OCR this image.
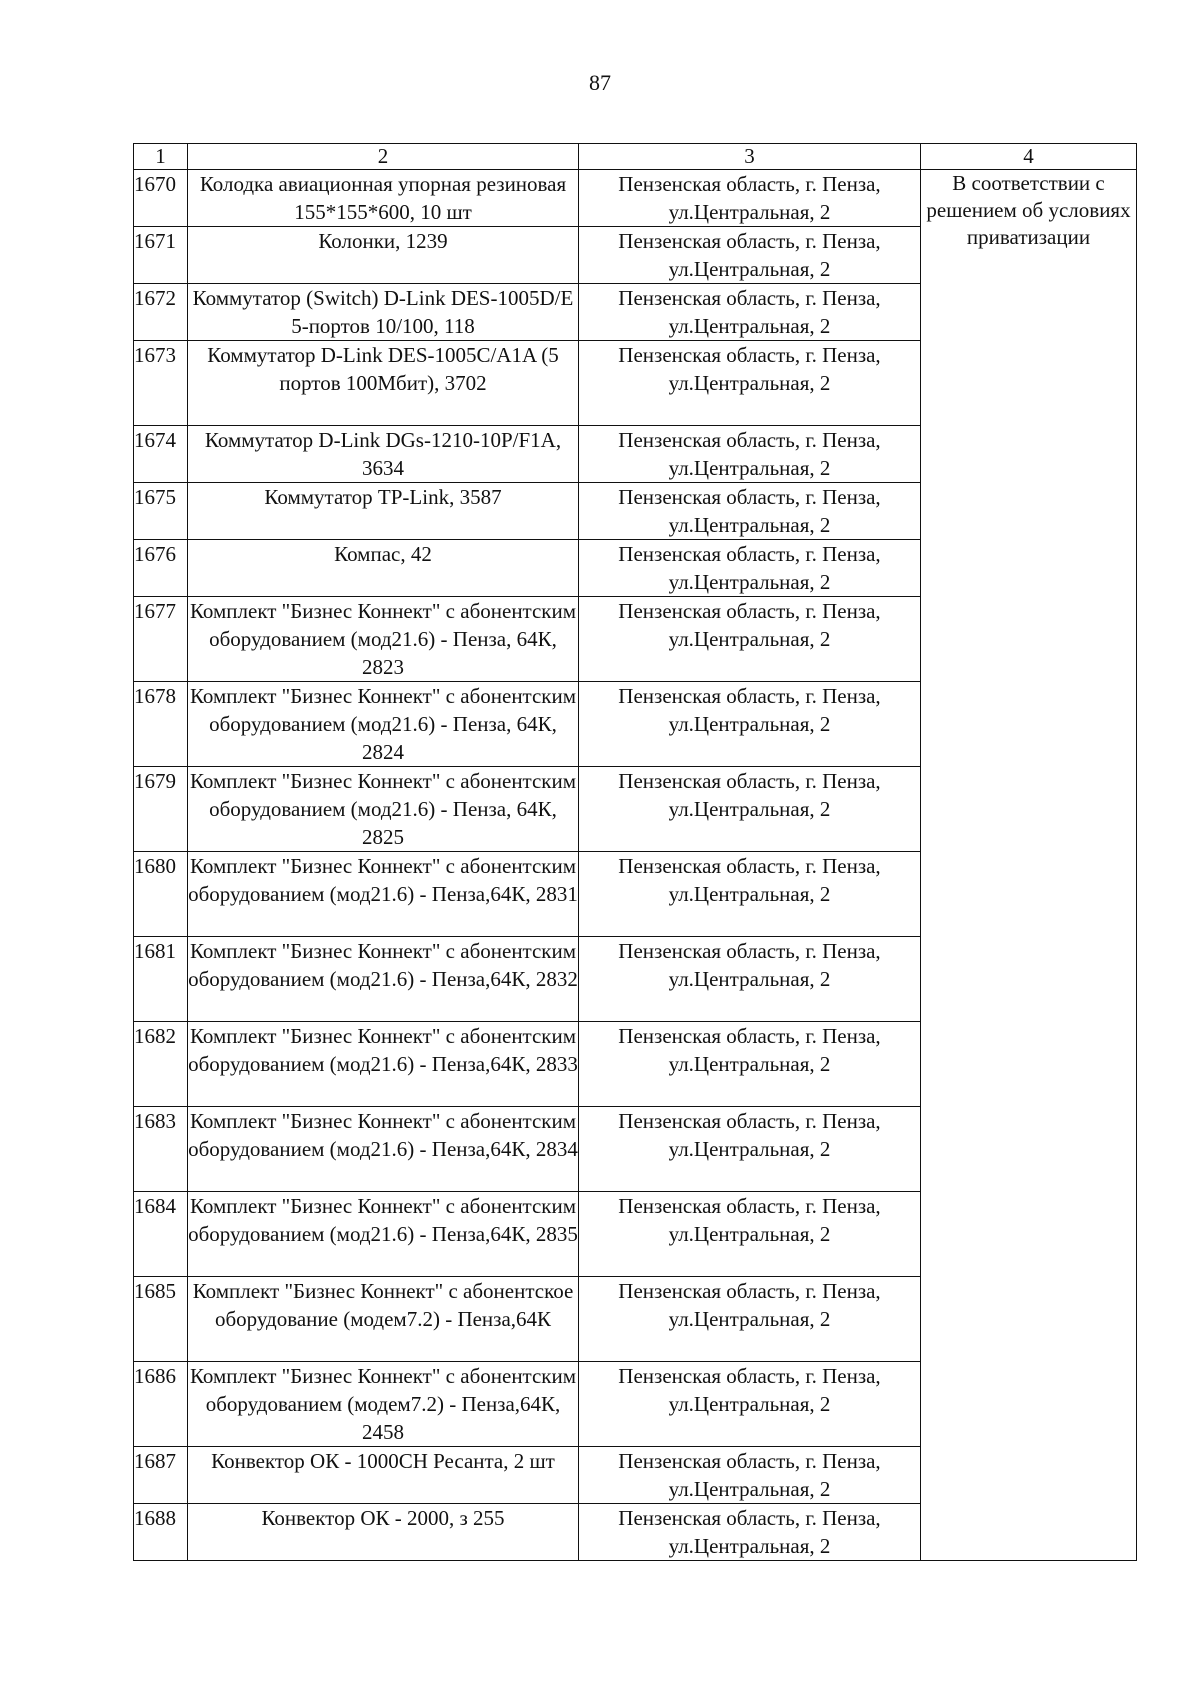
87
1	2	3	4
1670	Колодка авиационная упорная резиновая 155*155*600, 10 шт	Пензенская область, г. Пенза, ул.Центральная, 2	В соответствии с решением об условиях приватизации
1671	Колонки, 1239	Пензенская область, г. Пенза, ул.Центральная, 2	
1672	Коммутатор (Switch) D-Link DES-1005D/E 5-портов 10/100, 118	Пензенская область, г. Пенза, ул.Центральная, 2	
1673	Коммутатор D-Link DES-1005C/A1A (5 портов 100Мбит), 3702	Пензенская область, г. Пенза, ул.Центральная, 2	
1674	Коммутатор D-Link DGs-1210-10P/F1A, 3634	Пензенская область, г. Пенза, ул.Центральная, 2	
1675	Коммутатор TP-Link, 3587	Пензенская область, г. Пенза, ул.Центральная, 2	
1676	Компас, 42	Пензенская область, г. Пенза, ул.Центральная, 2	
1677	Комплект "Бизнес Коннект" с абонентским оборудованием (мод21.6) - Пенза, 64К, 2823	Пензенская область, г. Пенза, ул.Центральная, 2	
1678	Комплект "Бизнес Коннект" с абонентским оборудованием (мод21.6) - Пенза, 64К, 2824	Пензенская область, г. Пенза, ул.Центральная, 2	
1679	Комплект "Бизнес Коннект" с абонентским оборудованием (мод21.6) - Пенза, 64К, 2825	Пензенская область, г. Пенза, ул.Центральная, 2	
1680	Комплект "Бизнес Коннект" с абонентским оборудованием (мод21.6) - Пенза,64К, 2831	Пензенская область, г. Пенза, ул.Центральная, 2	
1681	Комплект "Бизнес Коннект" с абонентским оборудованием (мод21.6) - Пенза,64К, 2832	Пензенская область, г. Пенза, ул.Центральная, 2	
1682	Комплект "Бизнес Коннект" с абонентским оборудованием (мод21.6) - Пенза,64К, 2833	Пензенская область, г. Пенза, ул.Центральная, 2	
1683	Комплект "Бизнес Коннект" с абонентским оборудованием (мод21.6) - Пенза,64К, 2834	Пензенская область, г. Пенза, ул.Центральная, 2	
1684	Комплект "Бизнес Коннект" с абонентским оборудованием (мод21.6) - Пенза,64К, 2835	Пензенская область, г. Пенза, ул.Центральная, 2	
1685	Комплект "Бизнес Коннект" с абонентское оборудование (модем7.2) - Пенза,64К	Пензенская область, г. Пенза, ул.Центральная, 2	
1686	Комплект "Бизнес Коннект" с абонентским оборудованием (модем7.2) - Пенза,64К, 2458	Пензенская область, г. Пенза, ул.Центральная, 2	
1687	Конвектор ОК - 1000СН Ресанта, 2 шт	Пензенская область, г. Пенза, ул.Центральная, 2	
1688	Конвектор ОК - 2000, з 255	Пензенская область, г. Пенза, ул.Центральная, 2	
